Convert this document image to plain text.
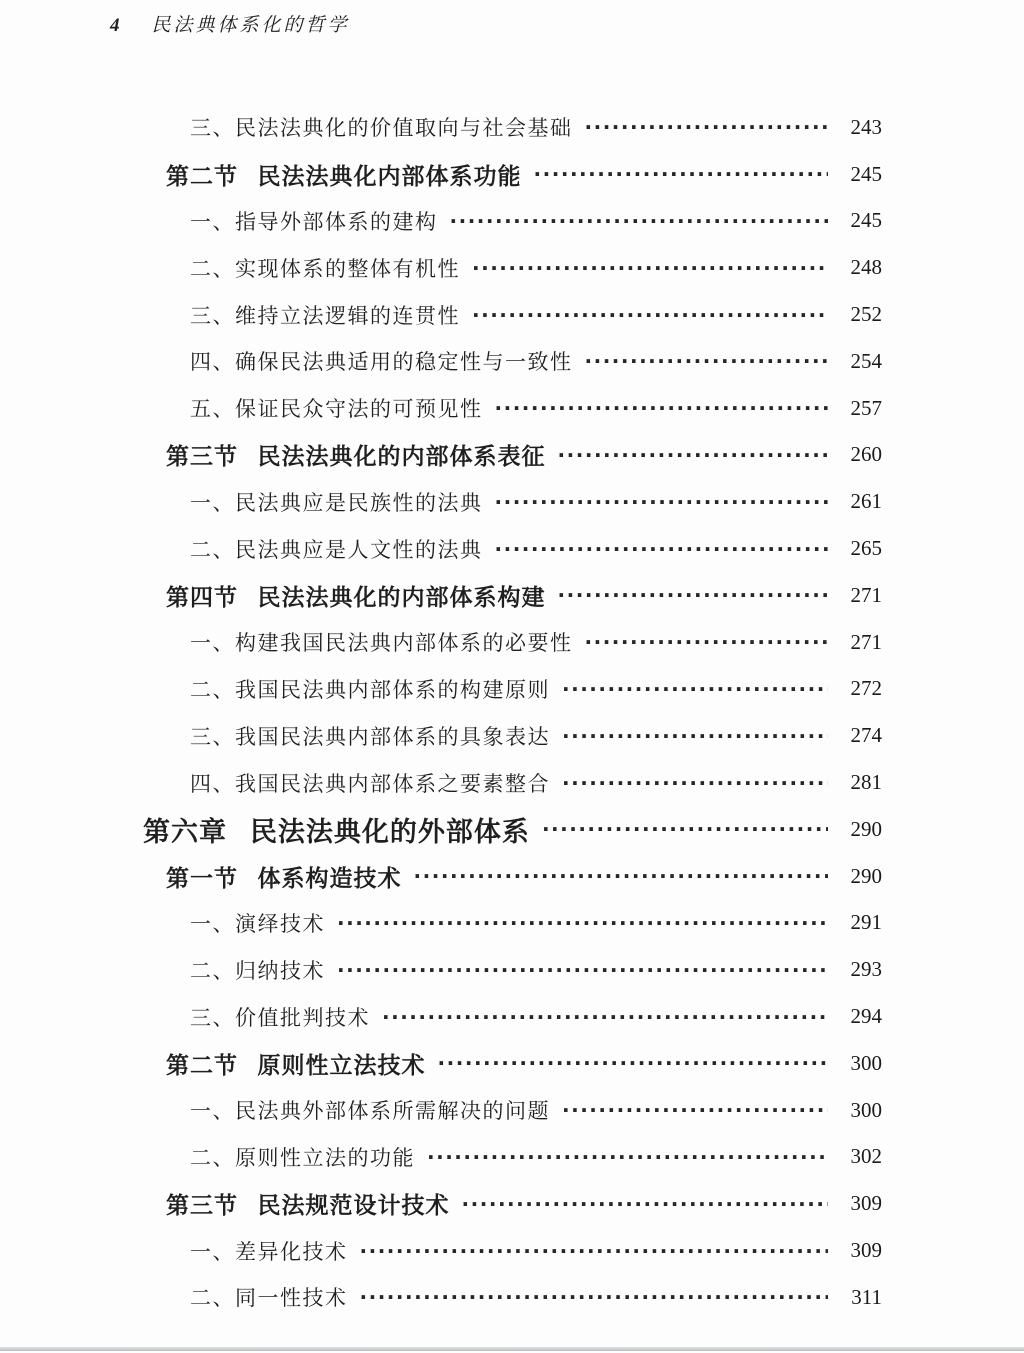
4 民法典体系化的哲学
三、 民法法典化的价值取向与社会基础 ·····	243
第二节 民法法典化内部体系功能 ·····	245
一、 指导外部体系的建构 ·····	245
二、 实现体系的整体有机性 ·····	248
三、 维持立法逻辑的连贯性 ·····	252
四、 确保民法典适用的稳定性与一致性 ·····	254
五、 保证民众守法的可预见性 ·····	257
第三节 民法法典化的内部体系表征 ·····	260
一、 民法典应是民族性的法典 ·····	261
二、 民法典应是人文性的法典 ·····	265
第四节 民法法典化的内部体系构建 ·····	271
一、 构建我国民法典内部体系的必要性 ·····	271
二、 我国民法典内部体系的构建原则 ·····	272
三、 我国民法典内部体系的具象表达 ·····	274
四、 我国民法典内部体系之要素整合 ·····	281
第六章 民法法典化的外部体系 ·····	290
第一节 体系构造技术 ·····	290
一、 演绎技术 ·····	291
二、 归纳技术 ·····	293
三、 价值批判技术 ·····	294
第二节 原则性立法技术 ·····	300
一、 民法典外部体系所需解决的问题 ·····	300
二、 原则性立法的功能 ·····	302
第三节 民法规范设计技术 ·····	309
一、 差异化技术 ·····	309
二、 同一性技术 ·····	311
